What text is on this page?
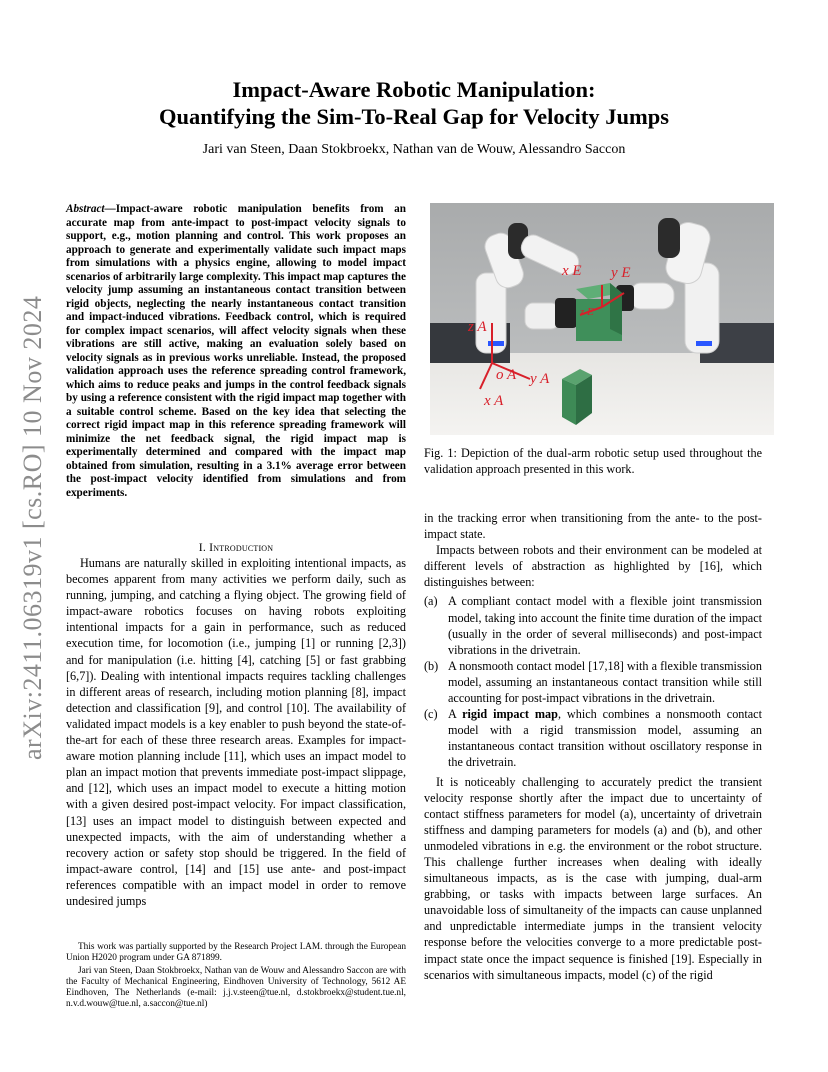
arXiv:2411.06319v1 [cs.RO] 10 Nov 2024
Impact-Aware Robotic Manipulation:
Quantifying the Sim-To-Real Gap for Velocity Jumps
Jari van Steen, Daan Stokbroekx, Nathan van de Wouw, Alessandro Saccon

Abstract—Impact-aware robotic manipulation benefits from an accurate map from ante-impact to post-impact velocity signals to support, e.g., motion planning and control. This work proposes an approach to generate and experimentally validate such impact maps from simulations with a physics engine, allowing to model impact scenarios of arbitrarily large complexity. This impact map captures the velocity jump assuming an instantaneous contact transition between rigid objects, neglecting the nearly instantaneous contact transition and impact-induced vibrations. Feedback control, which is required for complex impact scenarios, will affect velocity signals when these vibrations are still active, making an evaluation solely based on velocity signals as in previous works unreliable. Instead, the proposed validation approach uses the reference spreading control framework, which aims to reduce peaks and jumps in the control feedback signals by using a reference consistent with the rigid impact map together with a suitable control scheme. Based on the key idea that selecting the correct rigid impact map in this reference spreading framework will minimize the net feedback signal, the rigid impact map is experimentally determined and compared with the impact map obtained from simulation, resulting in a 3.1% average error between the post-impact velocity identified from simulations and from experiments.

I. Introduction

Humans are naturally skilled in exploiting intentional impacts, as becomes apparent from many activities we perform daily, such as running, jumping, and catching a flying object. The growing field of impact-aware robotics focuses on having robots exploiting intentional impacts for a gain in performance, such as reduced execution time, for locomotion (i.e., jumping [1] or running [2,3]) and for manipulation (i.e. hitting [4], catching [5] or fast grabbing [6,7]). Dealing with intentional impacts requires tackling challenges in different areas of research, including motion planning [8], impact detection and classification [9], and control [10]. The availability of validated impact models is a key enabler to push beyond the state-of-the-art for each of these three research areas. Examples for impact-aware motion planning include [11], which uses an impact model to plan an impact motion that prevents immediate post-impact slippage, and [12], which uses an impact model to execute a hitting motion with a given desired post-impact velocity. For impact classification, [13] uses an impact model to distinguish between expected and unexpected impacts, with the aim of understanding whether a recovery action or safety stop should be triggered. In the field of impact-aware control, [14] and [15] use ante- and post-impact references compatible with an impact model in order to remove undesired jumps

This work was partially supported by the Research Project I.AM. through the European Union H2020 program under GA 871899.

Jari van Steen, Daan Stokbroekx, Nathan van de Wouw and Alessandro Saccon are with the Faculty of Mechanical Engineering, Eindhoven University of Technology, 5612 AE Eindhoven, The Netherlands (e-mail: j.j.v.steen@tue.nl, d.stokbroekx@student.tue.nl, n.v.d.wouw@tue.nl, a.saccon@tue.nl)

x E y E
z E
z A
o A y A
x A
Fig. 1: Depiction of the dual-arm robotic setup used throughout the validation approach presented in this work.

in the tracking error when transitioning from the ante- to the post-impact state.

Impacts between robots and their environment can be modeled at different levels of abstraction as highlighted by [16], which distinguishes between:

(a) A compliant contact model with a flexible joint transmission model, taking into account the finite time duration of the impact (usually in the order of several milliseconds) and post-impact vibrations in the drivetrain.
(b) A nonsmooth contact model [17,18] with a flexible transmission model, assuming an instantaneous contact transition while still accounting for post-impact vibrations in the drivetrain.
(c) A rigid impact map, which combines a nonsmooth contact model with a rigid transmission model, assuming an instantaneous contact transition without oscillatory response in the drivetrain.

It is noticeably challenging to accurately predict the transient velocity response shortly after the impact due to uncertainty of contact stiffness parameters for model (a), uncertainty of drivetrain stiffness and damping parameters for models (a) and (b), and other unmodeled vibrations in e.g. the environment or the robot structure. This challenge further increases when dealing with ideally simultaneous impacts, as is the case with jumping, dual-arm grabbing, or tasks with impacts between large surfaces. An unavoidable loss of simultaneity of the impacts can cause unplanned and unpredictable intermediate jumps in the transient velocity response before the velocities converge to a more predictable post-impact state once the impact sequence is finished [19]. Especially in scenarios with simultaneous impacts, model (c) of the rigid
